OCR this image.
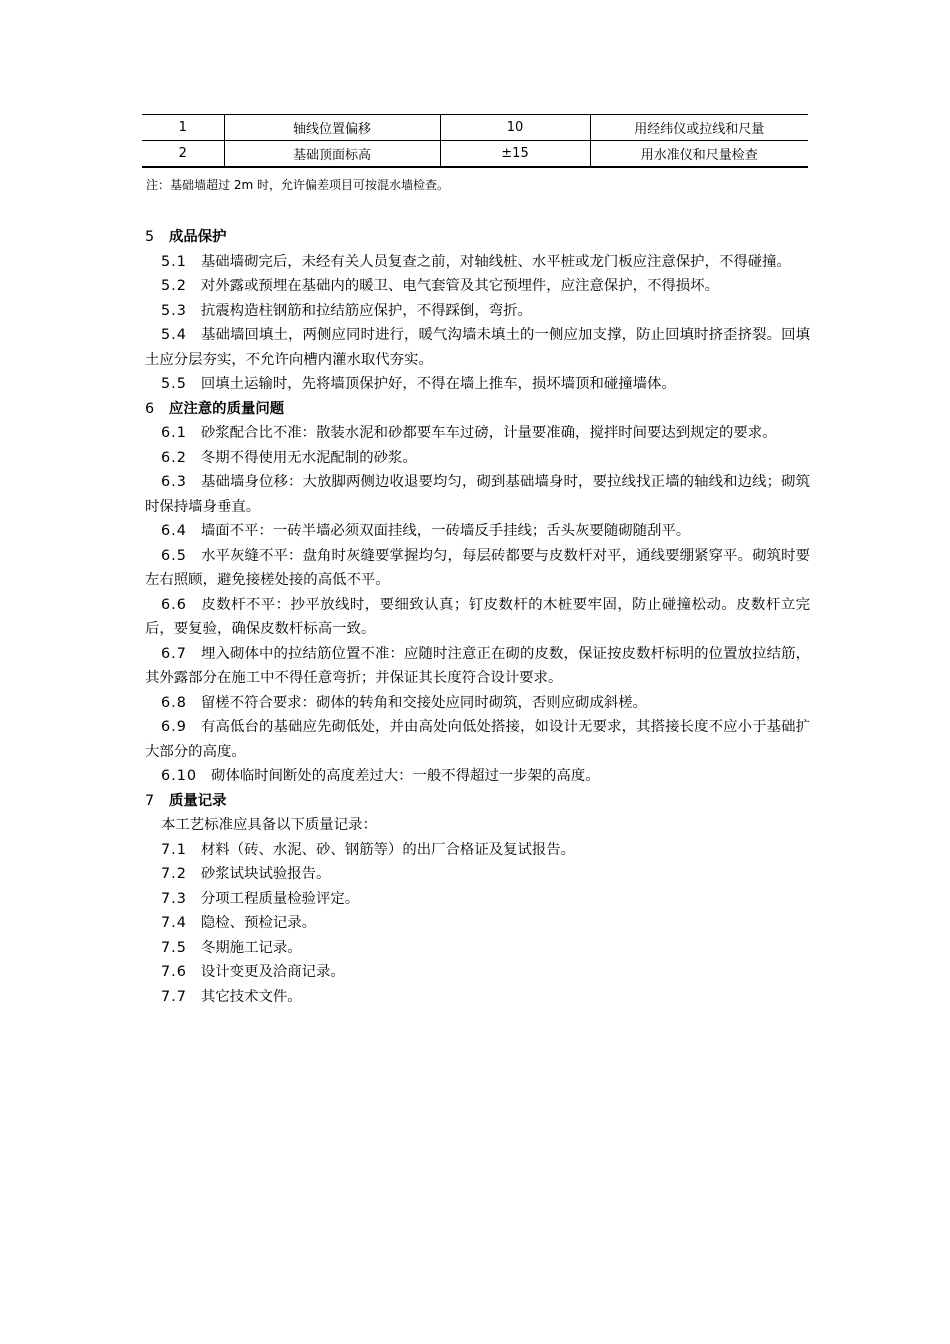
1	轴线位置偏移	10	用经纬仪或拉线和尺量
2	基础顶面标高	±15	用水准仪和尺量检查
注：基础墙超过 2m 时，允许偏差项目可按混水墙检查。
5 成品保护
5.1 基础墙砌完后，未经有关人员复查之前，对轴线桩、水平桩或龙门板应注意保护，不得碰撞。
5.2 对外露或预埋在基础内的暖卫、电气套管及其它预埋件，应注意保护，不得损坏。
5.3 抗震构造柱钢筋和拉结筋应保护，不得踩倒，弯折。
5.4 基础墙回填土，两侧应同时进行，暖气沟墙未填土的一侧应加支撑，防止回填时挤歪挤裂。回填土应分层夯实，不允许向槽内灌水取代夯实。
5.5 回填土运输时，先将墙顶保护好，不得在墙上推车，损坏墙顶和碰撞墙体。
6 应注意的质量问题
6.1 砂浆配合比不准：散装水泥和砂都要车车过磅，计量要准确，搅拌时间要达到规定的要求。
6.2 冬期不得使用无水泥配制的砂浆。
6.3 基础墙身位移：大放脚两侧边收退要均匀，砌到基础墙身时，要拉线找正墙的轴线和边线；砌筑时保持墙身垂直。
6.4 墙面不平：一砖半墙必须双面挂线，一砖墙反手挂线；舌头灰要随砌随刮平。
6.5 水平灰缝不平：盘角时灰缝要掌握均匀，每层砖都要与皮数杆对平，通线要绷紧穿平。砌筑时要左右照顾，避免接槎处接的高低不平。
6.6 皮数杆不平：抄平放线时，要细致认真；钉皮数杆的木桩要牢固，防止碰撞松动。皮数杆立完后，要复验，确保皮数杆标高一致。
6.7 埋入砌体中的拉结筋位置不准：应随时注意正在砌的皮数，保证按皮数杆标明的位置放拉结筋，其外露部分在施工中不得任意弯折；并保证其长度符合设计要求。
6.8 留槎不符合要求：砌体的转角和交接处应同时砌筑，否则应砌成斜槎。
6.9 有高低台的基础应先砌低处，并由高处向低处搭接，如设计无要求，其搭接长度不应小于基础扩大部分的高度。
6.10 砌体临时间断处的高度差过大：一般不得超过一步架的高度。
7 质量记录
本工艺标准应具备以下质量记录：
7.1 材料（砖、水泥、砂、钢筋等）的出厂合格证及复试报告。
7.2 砂浆试块试验报告。
7.3 分项工程质量检验评定。
7.4 隐检、预检记录。
7.5 冬期施工记录。
7.6 设计变更及洽商记录。
7.7 其它技术文件。
